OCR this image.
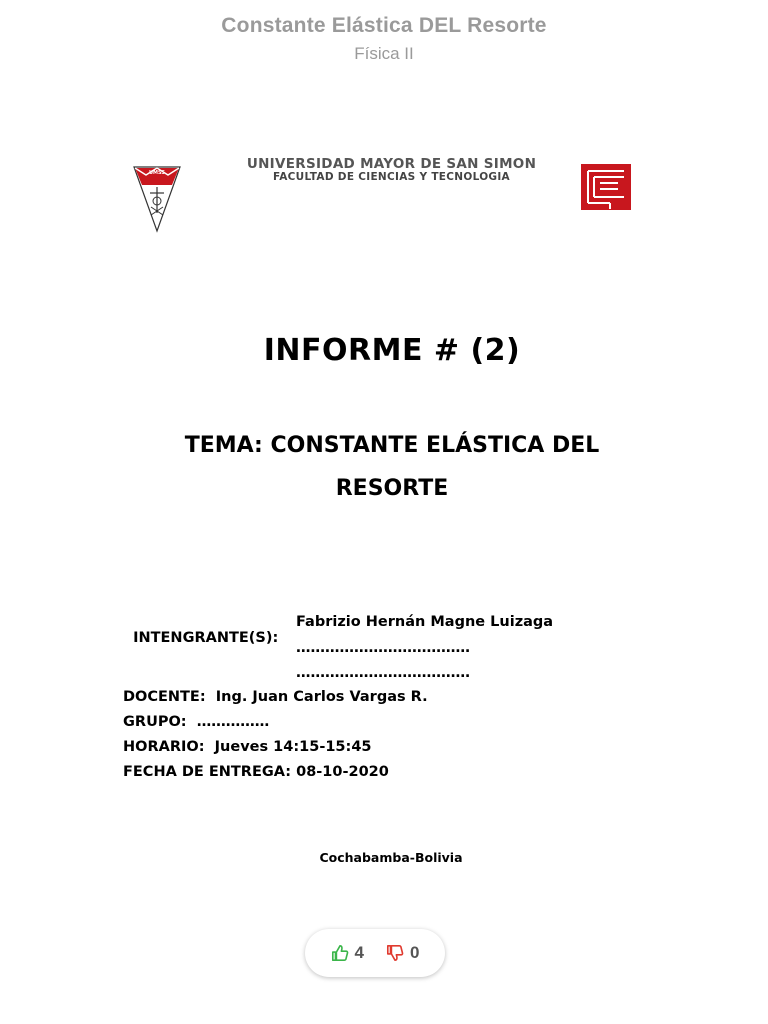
Constante Elástica DEL Resorte
Física II
UMSS
UNIVERSIDAD MAYOR DE SAN SIMON
FACULTAD DE CIENCIAS Y TECNOLOGIA
INFORME # (2)
TEMA: CONSTANTE ELÁSTICA DEL
RESORTE

INTENGRANTE(S):

Fabrizio Hernán Magne Luizaga
………………………………
………………………………
DOCENTE: Ing. Juan Carlos Vargas R.
GRUPO: ……………
HORARIO: Jueves 14:15-15:45
FECHA DE ENTREGA: 08-10-2020
Cochabamba-Bolivia
4	0
